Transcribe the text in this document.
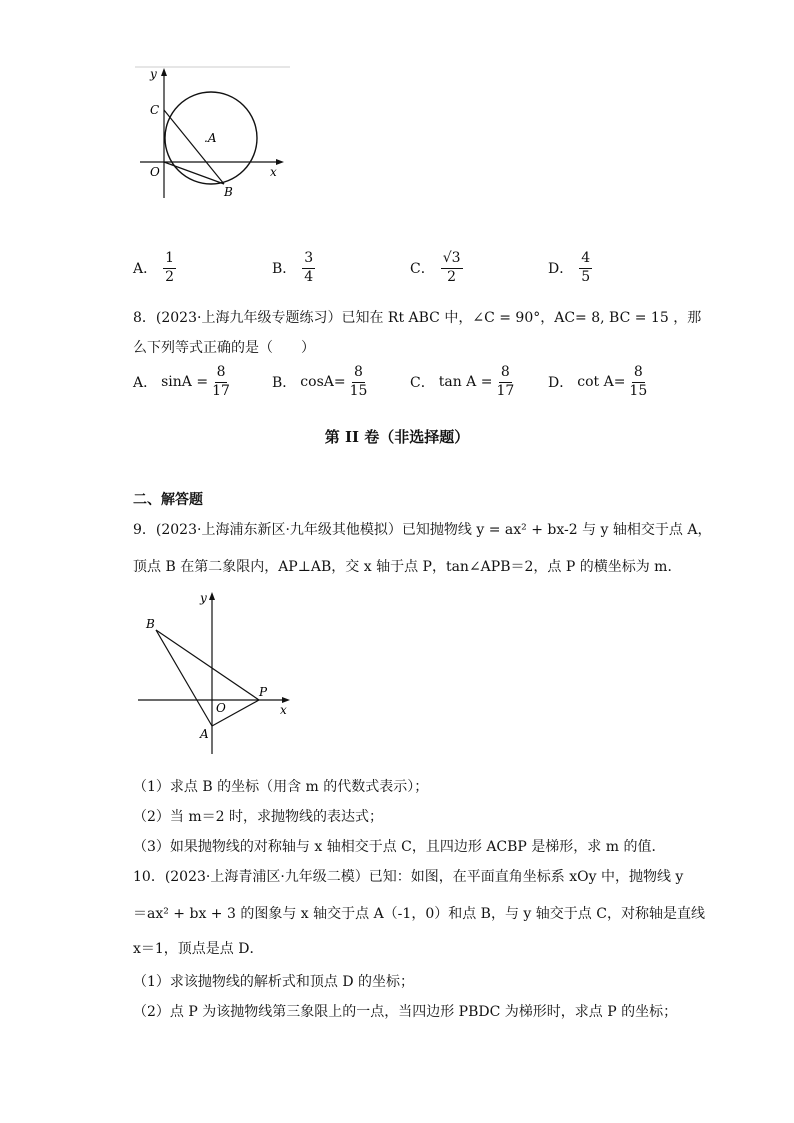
y
x
O
C
.A
B
A． $\frac{1}{2}$	B． $\frac{3}{4}$	C． $\frac{√3}{2}$	D． $\frac{4}{5}$
8．(2023·上海九年级专题练习）已知在 Rt ABC 中，∠C = 90°，AC= 8, BC = 15 ，那
么下列等式正确的是（　　）
A． $\sin A = \frac{8}{17}$	B． $\cos A= \frac{8}{15}$	C． $\tan A = \frac{8}{17}$ D． $\cot A= \frac{8}{15}$
第 II 卷（非选择题）
二、解答题
9．(2023·上海浦东新区·九年级其他模拟）已知抛物线 y = ax² + bx-2 与 y 轴相交于点 A，
顶点 B 在第二象限内，AP⊥AB，交 x 轴于点 P，tan∠APB＝2，点 P 的横坐标为 m．
y
x
O
A
B
P
（1）求点 B 的坐标（用含 m 的代数式表示）；
（2）当 m＝2 时，求抛物线的表达式；
（3）如果抛物线的对称轴与 x 轴相交于点 C，且四边形 ACBP 是梯形，求 m 的值．
10．(2023·上海青浦区·九年级二模）已知：如图，在平面直角坐标系 xOy 中，抛物线 y
＝ax² + bx + 3 的图象与 x 轴交于点 A（-1，0）和点 B，与 y 轴交于点 C，对称轴是直线
x＝1，顶点是点 D．
（1）求该抛物线的解析式和顶点 D 的坐标；
（2）点 P 为该抛物线第三象限上的一点，当四边形 PBDC 为梯形时，求点 P 的坐标；
